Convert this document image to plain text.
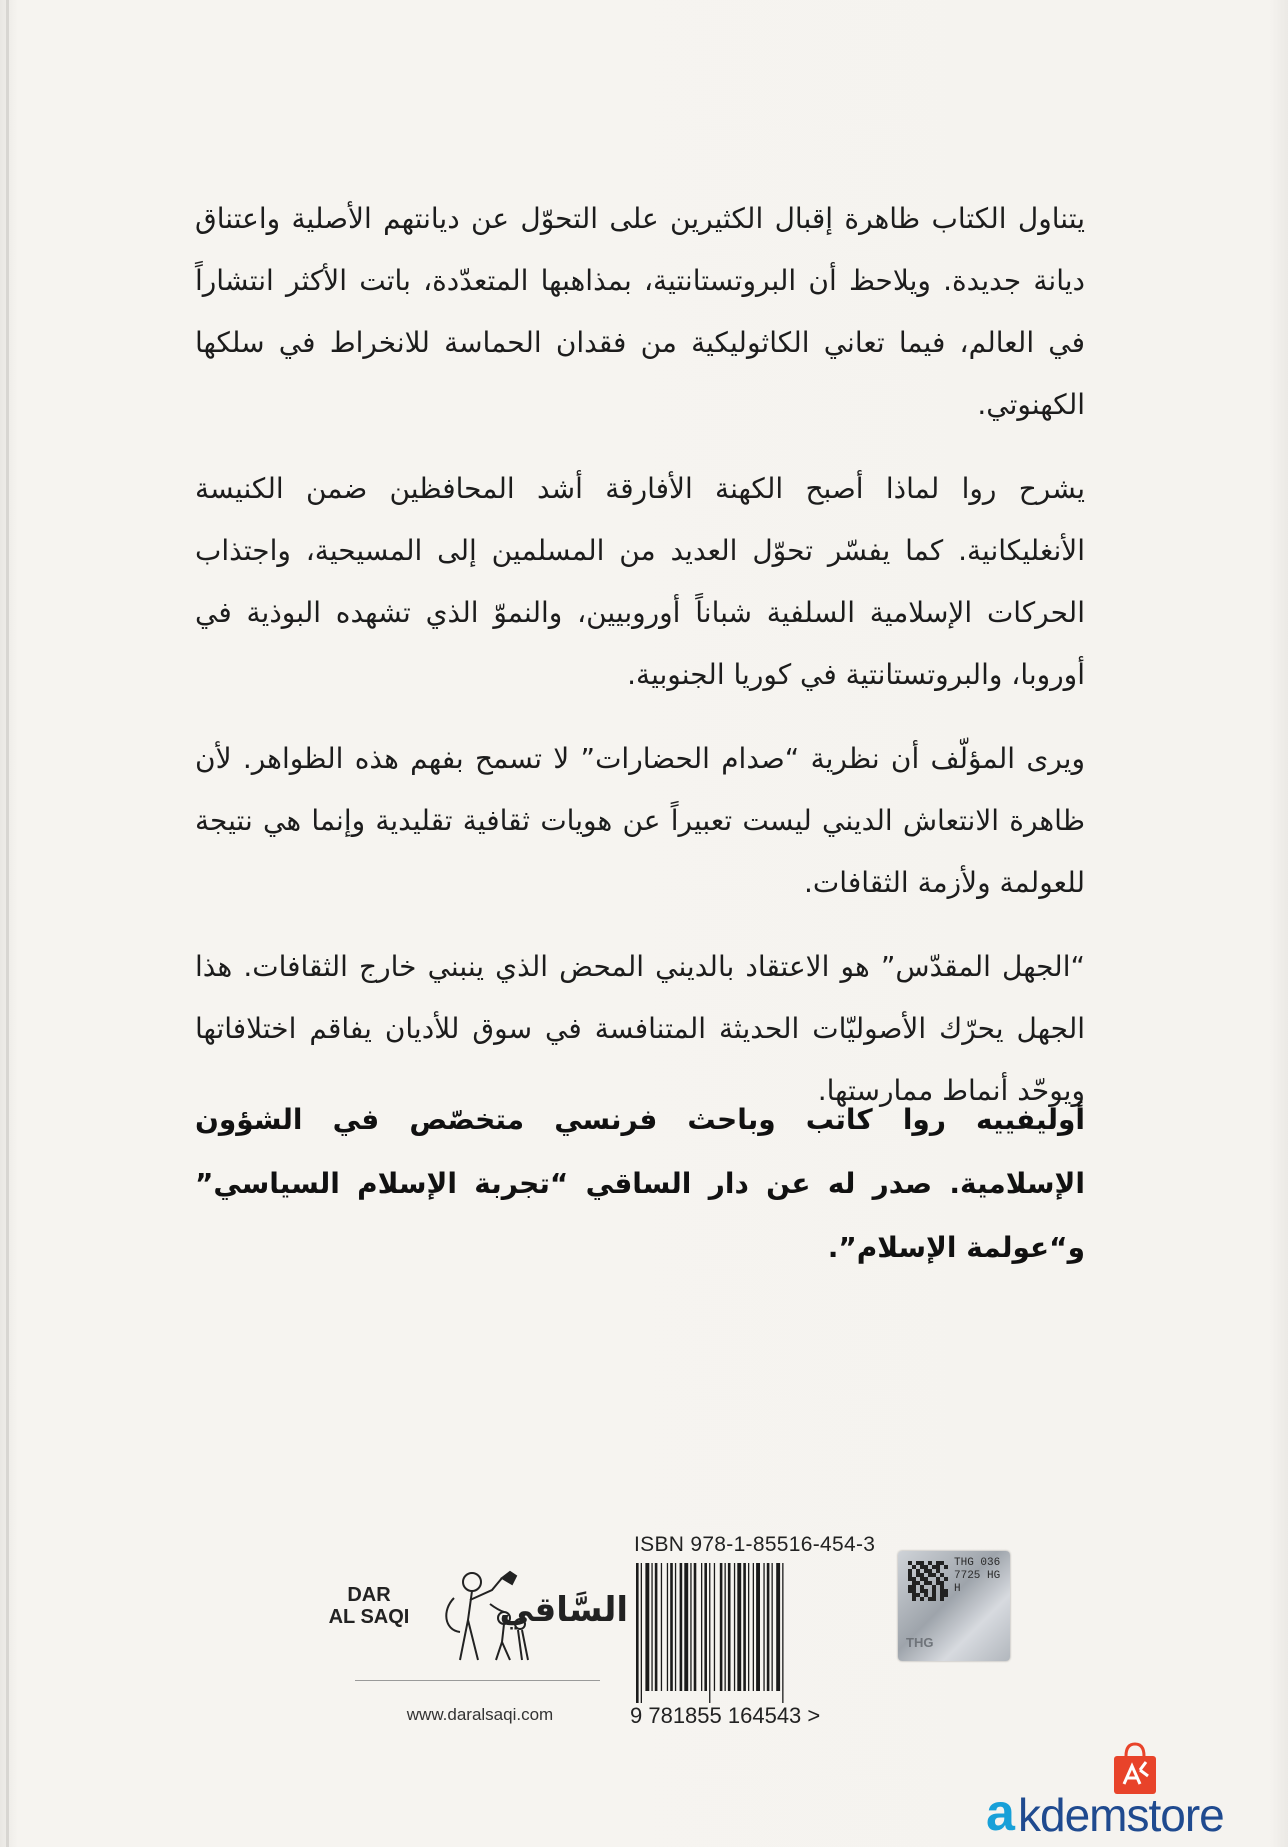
يتناول الكتاب ظاهرة إقبال الكثيرين على التحوّل عن ديانتهم الأصلية واعتناق ديانة جديدة. ويلاحظ أن البروتستانتية، بمذاهبها المتعدّدة، باتت الأكثر انتشاراً في العالم، فيما تعاني الكاثوليكية من فقدان الحماسة للانخراط في سلكها الكهنوتي.

يشرح روا لماذا أصبح الكهنة الأفارقة أشد المحافظين ضمن الكنيسة الأنغليكانية. كما يفسّر تحوّل العديد من المسلمين إلى المسيحية، واجتذاب الحركات الإسلامية السلفية شباناً أوروبيين، والنموّ الذي تشهده البوذية في أوروبا، والبروتستانتية في كوريا الجنوبية.

ويرى المؤلّف أن نظرية “صدام الحضارات” لا تسمح بفهم هذه الظواهر. لأن ظاهرة الانتعاش الديني ليست تعبيراً عن هويات ثقافية تقليدية وإنما هي نتيجة للعولمة ولأزمة الثقافات.

“الجهل المقدّس” هو الاعتقاد بالديني المحض الذي ينبني خارج الثقافات. هذا الجهل يحرّك الأصوليّات الحديثة المتنافسة في سوق للأديان يفاقم اختلافاتها ويوحّد أنماط ممارستها.

أوليفييه روا كاتب وباحث فرنسي متخصّص في الشؤون الإسلامية. صدر له عن دار الساقي “تجربة الإسلام السياسي” و“عولمة الإسلام”.
DAR
AL SAQI	السَّاقي
www.daralsaqi.com
ISBN 978-1-85516-454-3
9 781855 164543 >
THG 0367725 HGH
THG
a kdemstore
